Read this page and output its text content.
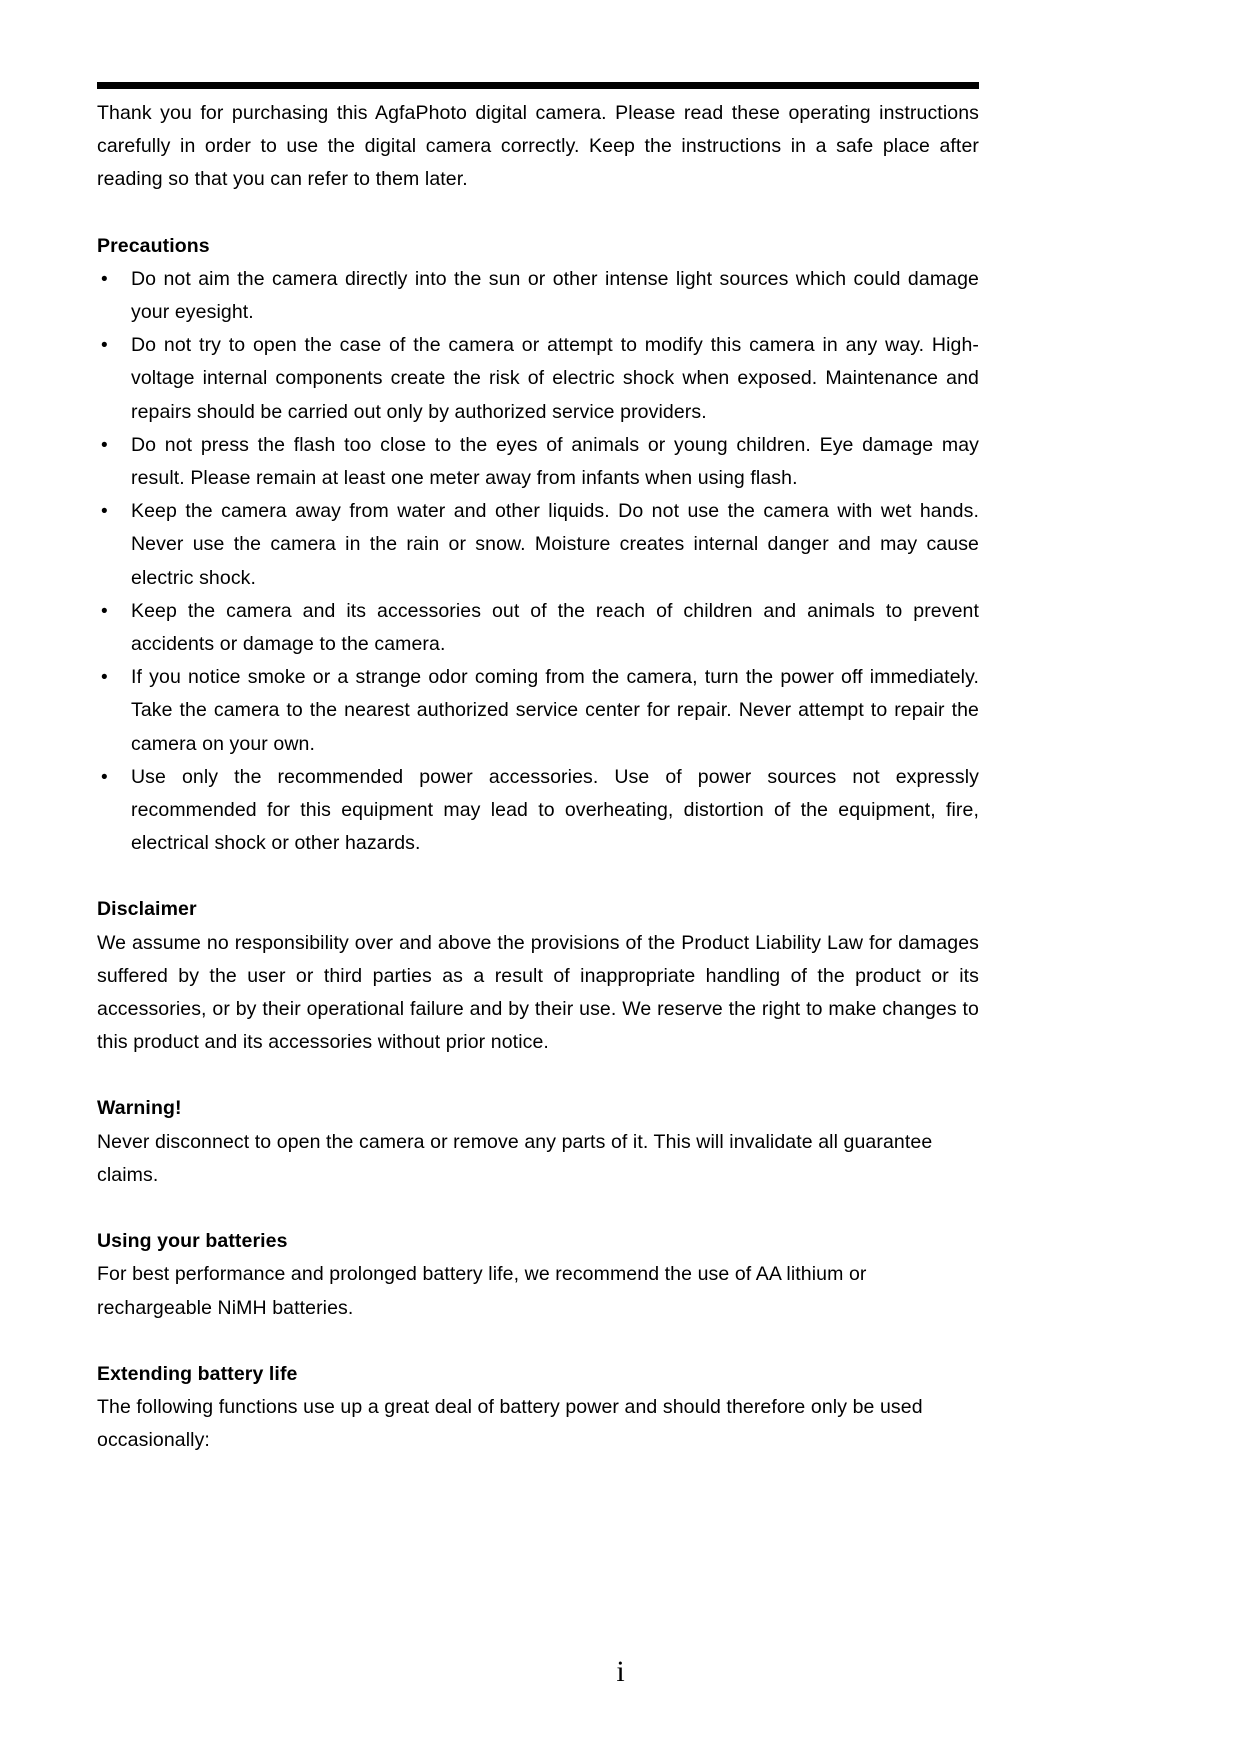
Thank you for purchasing this AgfaPhoto digital camera. Please read these operating instructions carefully in order to use the digital camera correctly. Keep the instructions in a safe place after reading so that you can refer to them later.

Precautions
• Do not aim the camera directly into the sun or other intense light sources which could damage your eyesight.
• Do not try to open the case of the camera or attempt to modify this camera in any way. High-voltage internal components create the risk of electric shock when exposed. Maintenance and repairs should be carried out only by authorized service providers.
• Do not press the flash too close to the eyes of animals or young children. Eye damage may result. Please remain at least one meter away from infants when using flash.
• Keep the camera away from water and other liquids. Do not use the camera with wet hands. Never use the camera in the rain or snow. Moisture creates internal danger and may cause electric shock.
• Keep the camera and its accessories out of the reach of children and animals to prevent accidents or damage to the camera.
• If you notice smoke or a strange odor coming from the camera, turn the power off immediately. Take the camera to the nearest authorized service center for repair. Never attempt to repair the camera on your own.
• Use only the recommended power accessories. Use of power sources not expressly recommended for this equipment may lead to overheating, distortion of the equipment, fire, electrical shock or other hazards.
Disclaimer

We assume no responsibility over and above the provisions of the Product Liability Law for damages suffered by the user or third parties as a result of inappropriate handling of the product or its accessories, or by their operational failure and by their use. We reserve the right to make changes to this product and its accessories without prior notice.

Warning!

Never disconnect to open the camera or remove any parts of it. This will invalidate all guarantee claims.

Using your batteries

For best performance and prolonged battery life, we recommend the use of AA lithium or rechargeable NiMH batteries.

Extending battery life

The following functions use up a great deal of battery power and should therefore only be used occasionally:

i
